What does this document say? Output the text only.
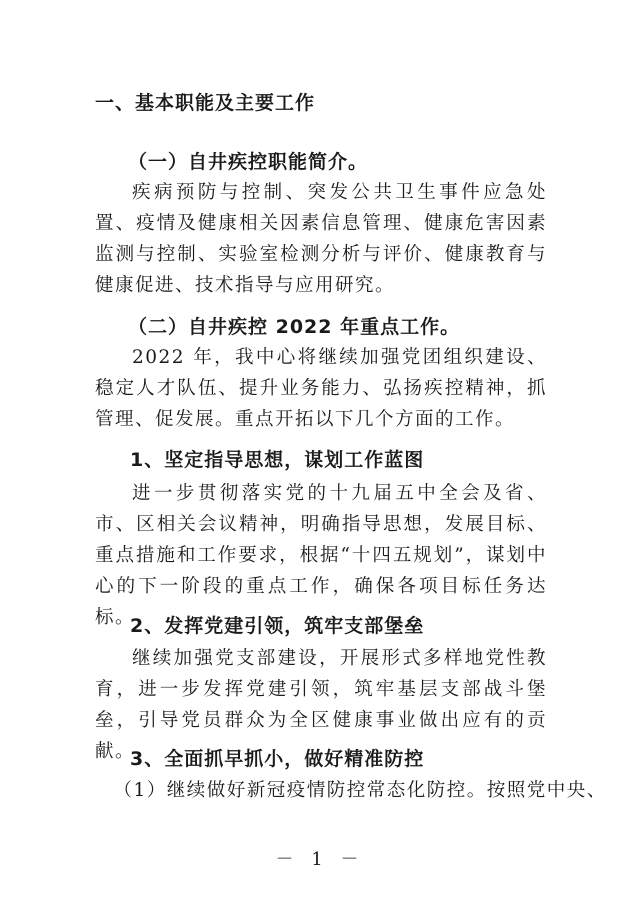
一、基本职能及主要工作
（一）自井疾控职能简介。
疾病预防与控制、突发公共卫生事件应急处置、疫情及健康相关因素信息管理、健康危害因素监测与控制、实验室检测分析与评价、健康教育与健康促进、技术指导与应用研究。
（二）自井疾控 2022 年重点工作。
2022 年，我中心将继续加强党团组织建设、稳定人才队伍、提升业务能力、弘扬疾控精神，抓管理、促发展。重点开拓以下几个方面的工作。
1、坚定指导思想，谋划工作蓝图
进一步贯彻落实党的十九届五中全会及省、市、区相关会议精神，明确指导思想，发展目标、重点措施和工作要求，根据“十四五规划”，谋划中心的下一阶段的重点工作，确保各项目标任务达标。
2、发挥党建引领，筑牢支部堡垒
继续加强党支部建设，开展形式多样地党性教育，进一步发挥党建引领，筑牢基层支部战斗堡垒，引导党员群众为全区健康事业做出应有的贡献。
3、全面抓早抓小，做好精准防控
（1）继续做好新冠疫情防控常态化防控。按照党中央、
－ 1 －
